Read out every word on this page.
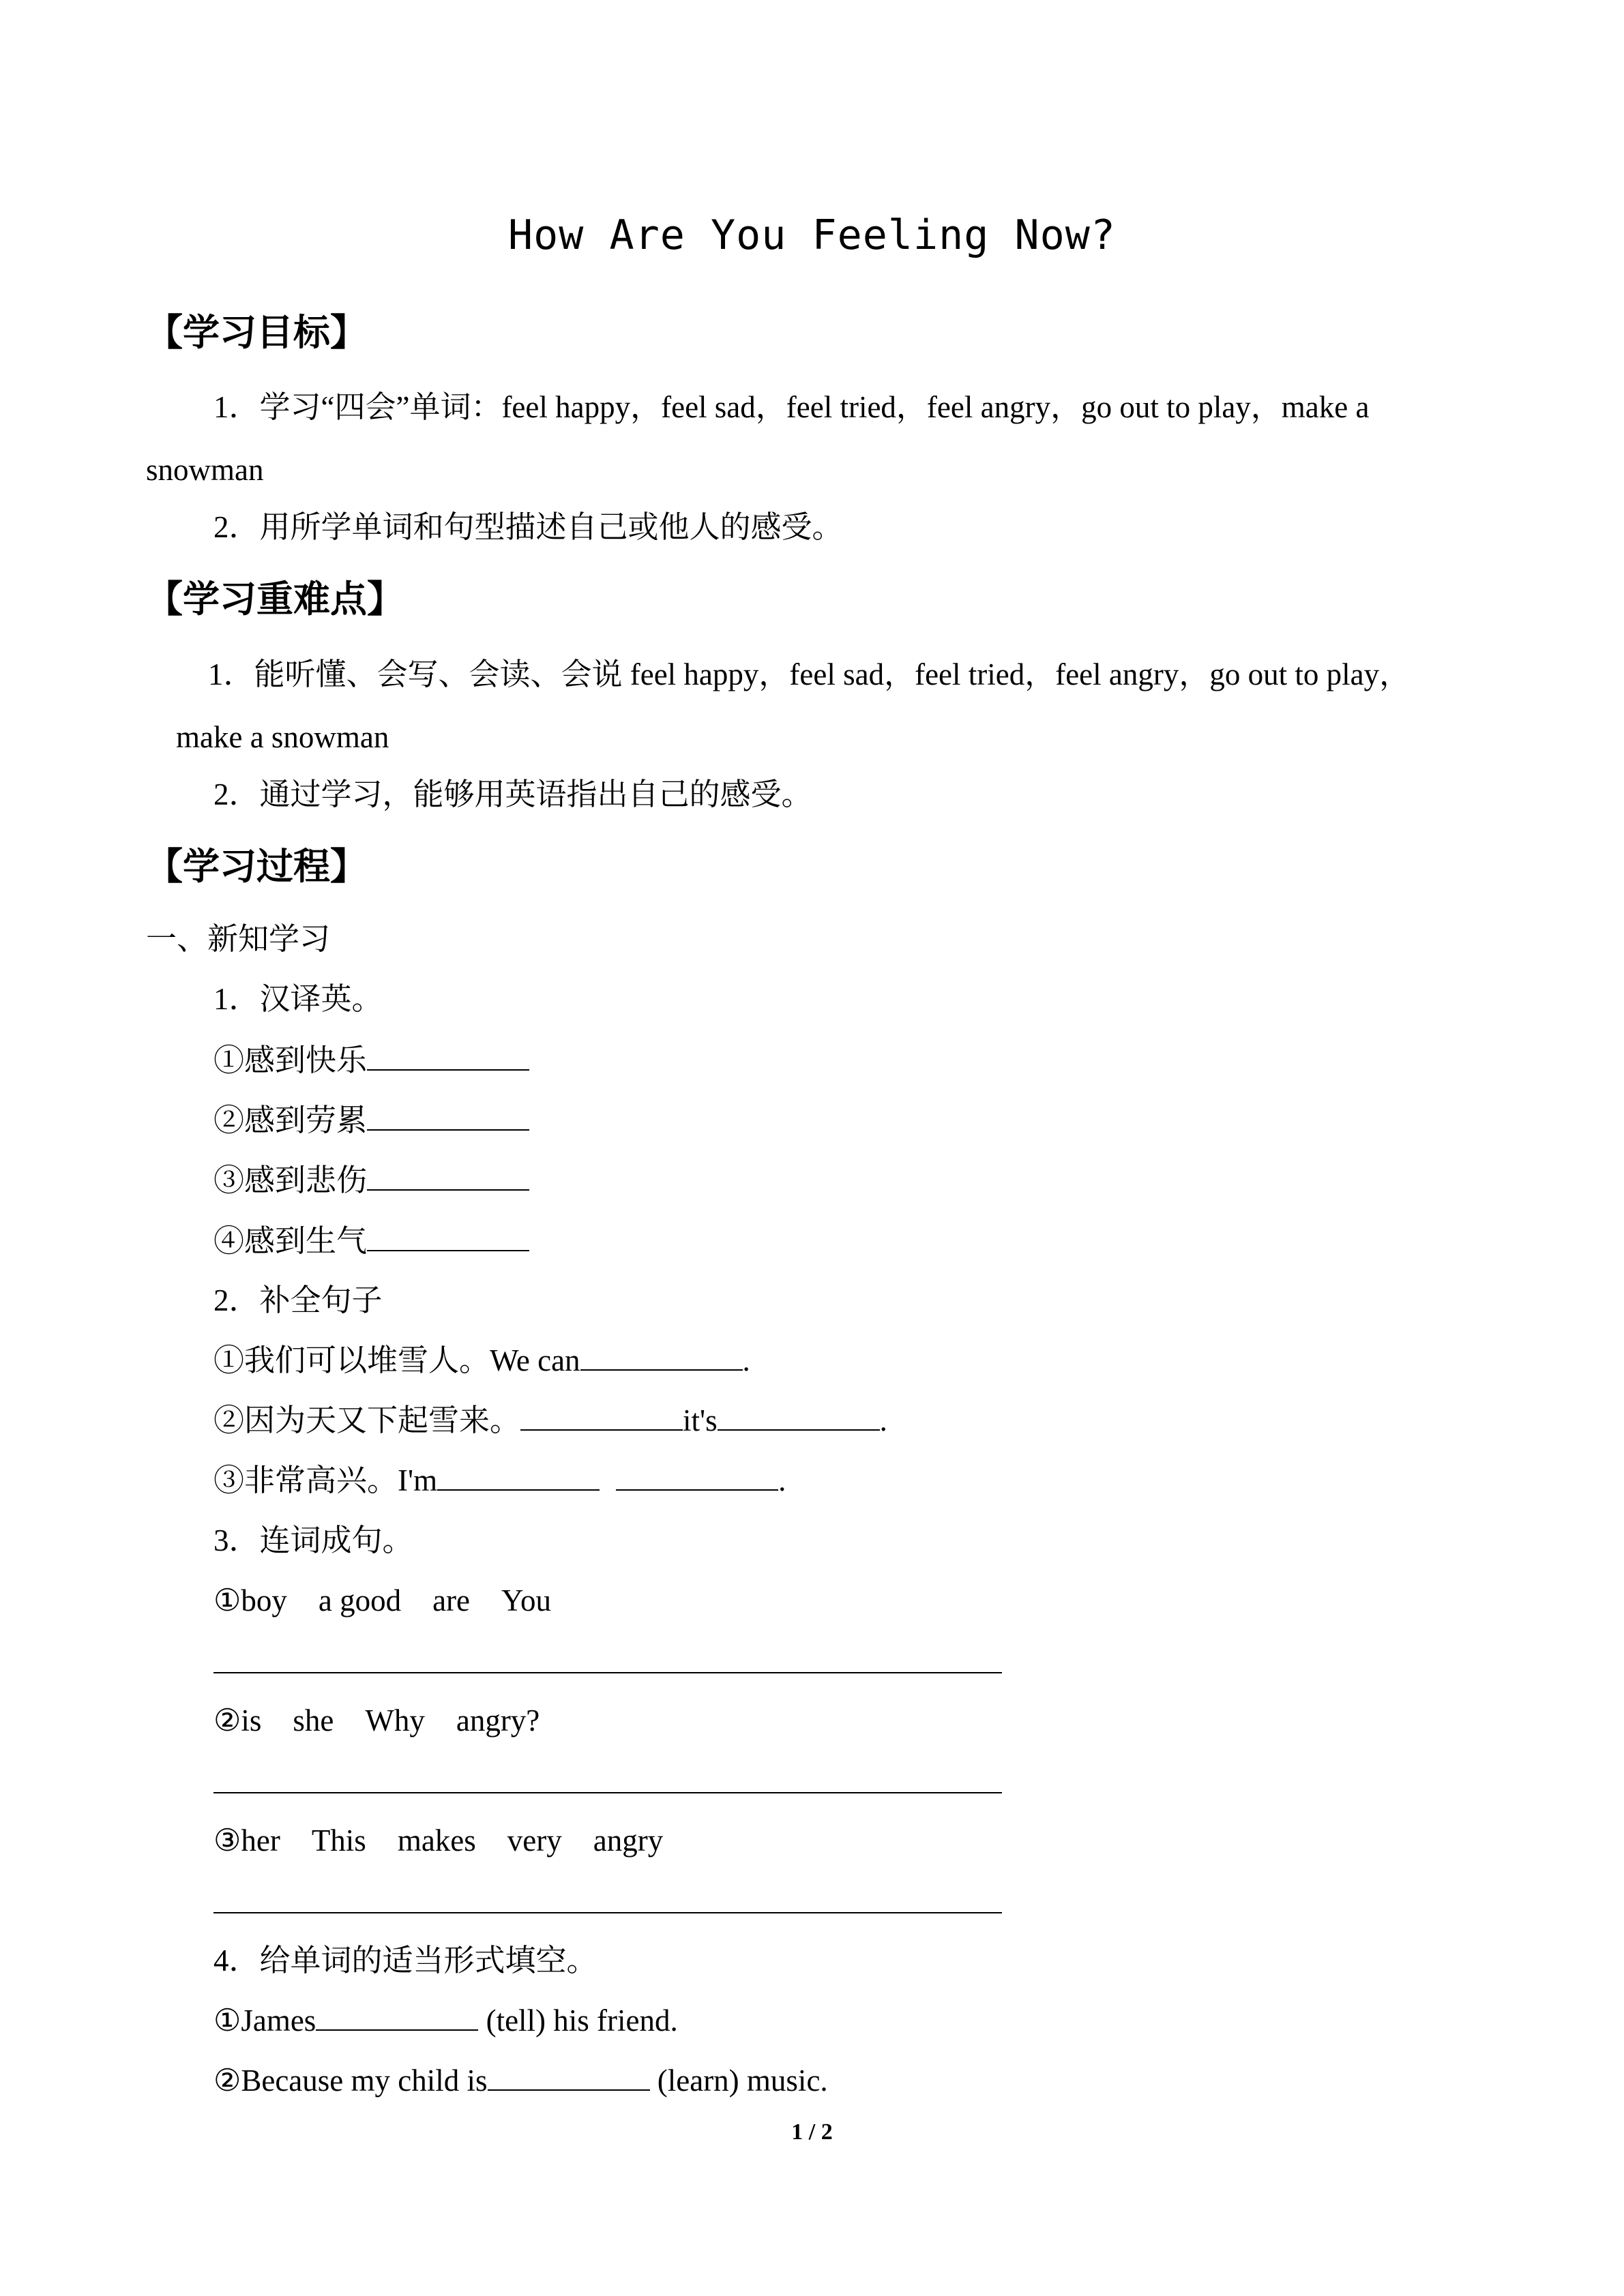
How Are You Feeling Now?
【学习目标】
1．学习“四会”单词：feel happy，feel sad，feel tried，feel angry，go out to play，make a
snowman
2．用所学单词和句型描述自己或他人的感受。
【学习重难点】
1．能听懂、会写、会读、会说 feel happy，feel sad，feel tried，feel angry，go out to play，
make a snowman
2．通过学习，能够用英语指出自己的感受。
【学习过程】
一、新知学习
1．汉译英。
①感到快乐
②感到劳累
③感到悲伤
④感到生气
2．补全句子
①我们可以堆雪人。We can	.
②因为天又下起雪来。	it's	.
③非常高兴。I'm	.
3．连词成句。
①boy a good are You
②is she Why angry?
③her This makes very angry
4．给单词的适当形式填空。
①James	(tell) his friend.
②Because my child is	(learn) music.
1 / 2
